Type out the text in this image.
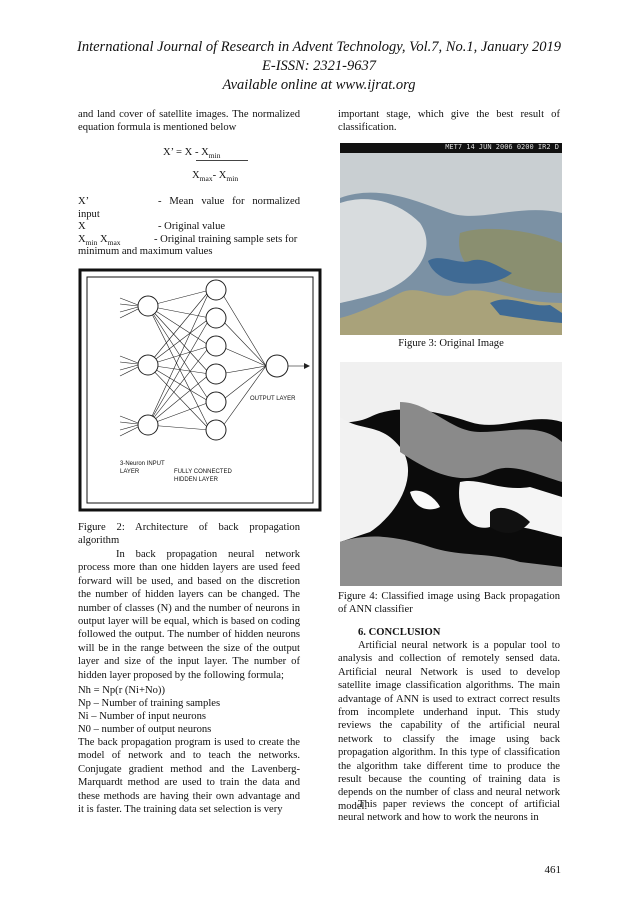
International Journal of Research in Advent Technology, Vol.7, No.1, January 2019
E-ISSN: 2321-9637
Available online at www.ijrat.org
and land cover of satellite images. The normalized equation formula is mentioned below
X’ = X - $X_{min}$
$X_{max}-$ $X_{min}$
X’	- Mean value for normalized
input
X	- Original value
$X_{min}$ $X_{max}$	- Original training sample sets for
minimum and maximum values
OUTPUT LAYER
3-Neuron INPUT LAYER	FULLY CONNECTED HIDDEN LAYER
Figure 2: Architecture of back propagation algorithm
In back propagation neural network process more than one hidden layers are used feed forward will be used, and based on the discretion the number of hidden layers can be changed. The number of classes (N) and the number of neurons in output layer will be equal, which is based on coding followed the output. The number of hidden neurons will be in the range between the size of the output layer and size of the input layer. The number of hidden layer proposed by the following formula;
Nh = Np(r (Ni+No))
Np – Number of training samples
Ni – Number of input neurons
N0 – number of output neurons
The back propagation program is used to create the model of network and to teach the networks. Conjugate gradient method and the Lavenberg-Marquardt method are used to train the data and these methods are having their own advantage and it is faster. The training data set selection is very
important stage, which give the best result of classification.
MET7 14 JUN 2006 0200 IR2 D
Figure 3: Original Image
Figure 4: Classified image using Back propagation of ANN classifier
6. CONCLUSION
Artificial neural network is a popular tool to analysis and collection of remotely sensed data. Artificial neural Network is used to develop satellite image classification algorithms. The main advantage of ANN is used to extract correct results from incomplete underhand input. This study reviews the capability of the artificial neural network to classify the image using back propagation algorithm. In this type of classification the algorithm take different time to produce the result because the counting of training data is depends on the number of class and neural network model.
This paper reviews the concept of artificial neural network and how to work the neurons in
461
